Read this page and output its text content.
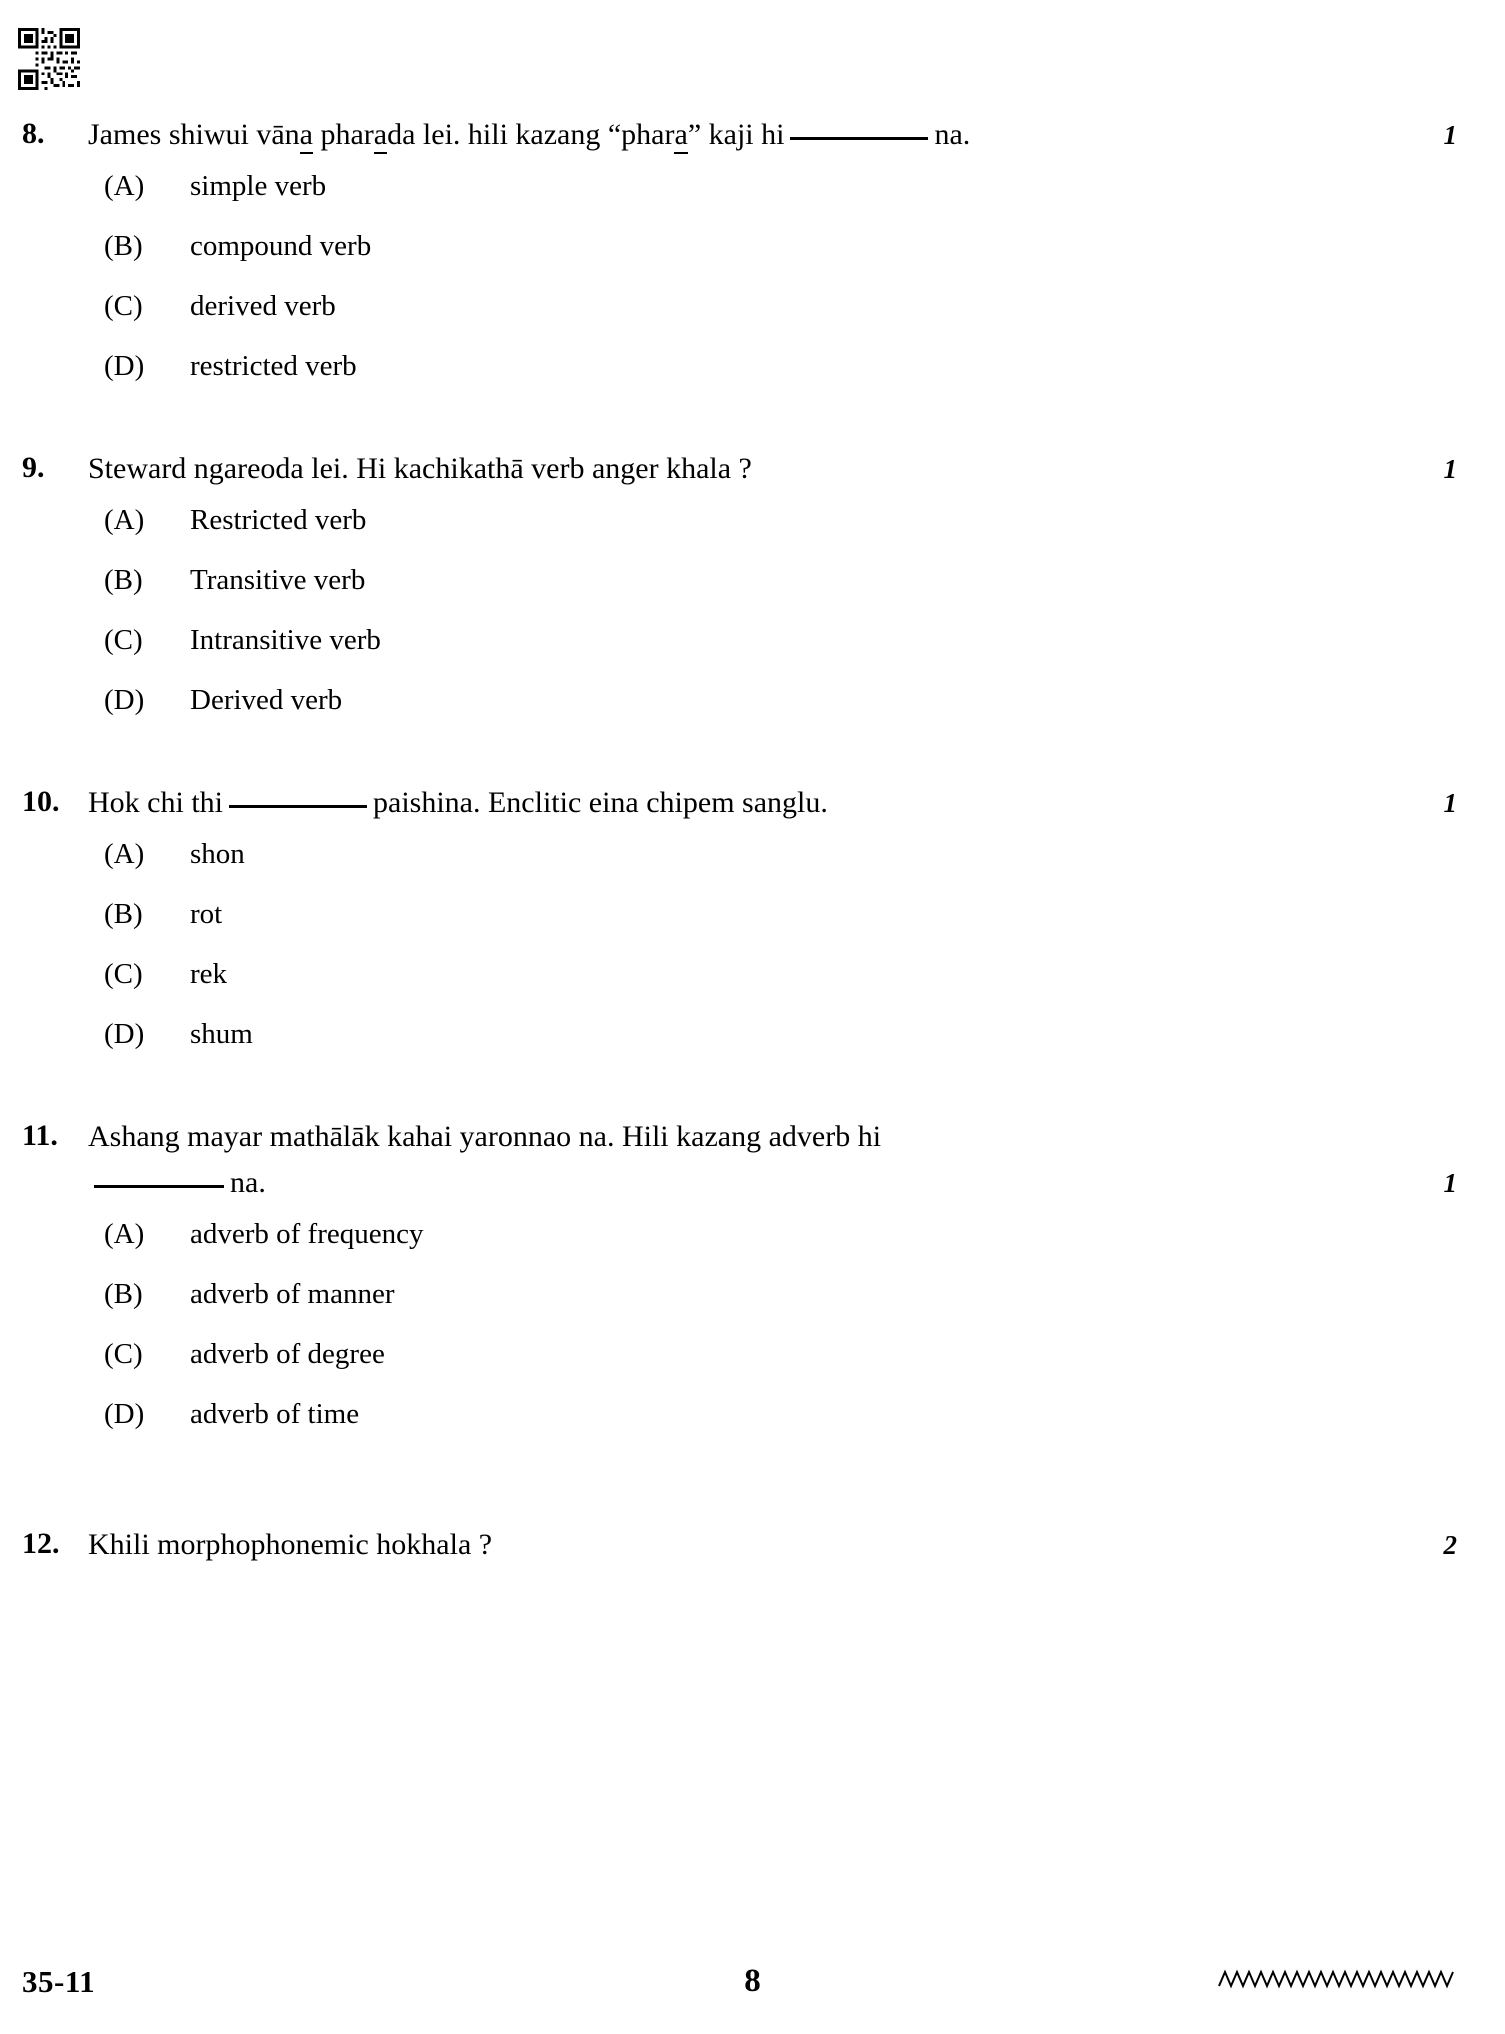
8.	James shiwui vāna pharada lei. hili kazang “phara” kaji hi	na.	1
(A)	simple verb
(B)	compound verb
(C)	derived verb
(D)	restricted verb
9.	Steward ngareoda lei. Hi kachikathā verb anger khala ?	1
(A)	Restricted verb
(B)	Transitive verb
(C)	Intransitive verb
(D)	Derived verb
10. Hok chi thi	paishina. Enclitic eina chipem sanglu.	1
(A)	shon
(B)	rot
(C)	rek
(D)	shum
11.	Ashang mayar mathālāk kahai yaronnao na. Hili kazang adverb hi
na.	1
(A)	adverb of frequency
(B)	adverb of manner
(C)	adverb of degree
(D)	adverb of time
12. Khili morphophonemic hokhala ?	2
35-11	8
